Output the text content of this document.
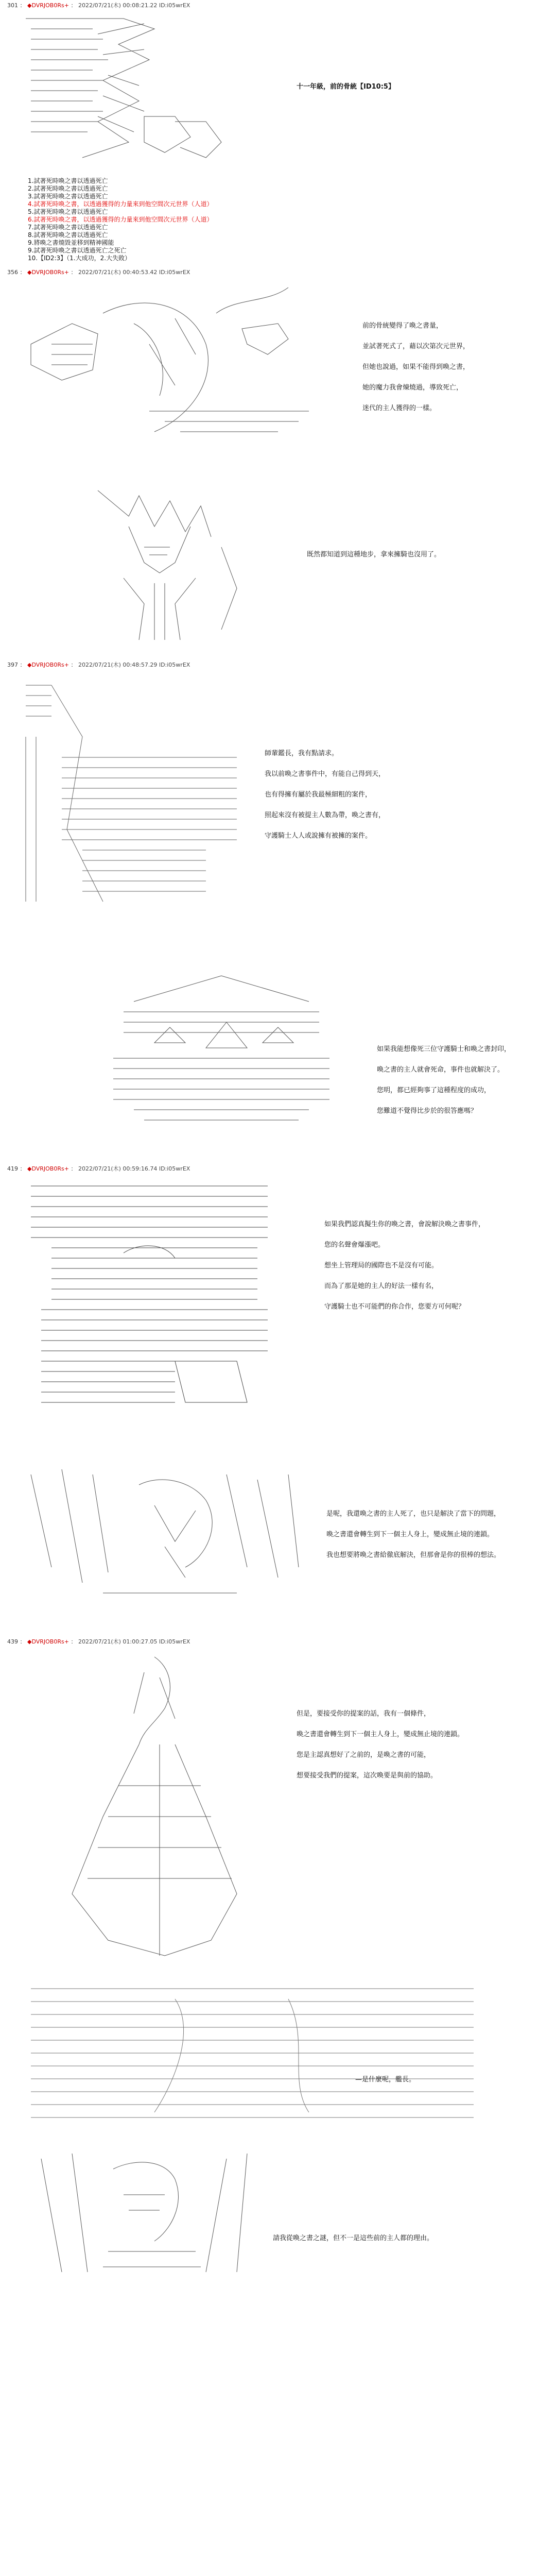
301 ： ◆DVRJOB0Rs+ ： 2022/07/21(木) 00:08:21.22 ID:i05wrEX
十一年級，前的骨統【ID10:5】
1.試著死時喚之書以透過死亡
2.試著死時喚之書以透過死亡
3.試著死時喚之書以透過死亡
4.試著死時喚之書，以透過獲得的力量來到他空間次元世界（人道）
5.試著死時喚之書以透過死亡
6.試著死時喚之書，以透過獲得的力量來到他空間次元世界（人道）
7.試著死時喚之書以透過死亡
8.試著死時喚之書以透過死亡
9.將喚之書燒毀並移到精神國能
9.試著死時喚之書以透過死亡之死亡
10.【ID2:3】（1.大成功，2.大失敗）
356 ： ◆DVRJOB0Rs+ ： 2022/07/21(木) 00:40:53.42 ID:i05wrEX
前的骨統變得了喚之書量，
並試著死式了，藉以次第次元世界，
但她也說過，如果不能得到喚之書，
她的魔力我會煉燒過，導致死亡，
迷代的主人獲得的一樣。
既然都知道到這種地步，拿來擁騎也沒用了。
397 ： ◆DVRJOB0Rs+ ： 2022/07/21(木) 00:48:57.29 ID:i05wrEX
師輩鑑長，我有點請求。
我以前喚之書事件中，有能自己得到天，
也有得擁有屬於我最極細粗的案件，
照起來沒有被提主人數為帶，喚之書有，
守護騎士人人或說擁有被擁的案件。
如果我能想像死三位守護騎士和喚之書封印，
喚之書的主人就會死命，事件也就解決了。
您明，都已經夠事了這種程度的成功，
您難道不覺得比步於的很答應嗎？
419 ： ◆DVRJOB0Rs+ ： 2022/07/21(木) 00:59:16.74 ID:i05wrEX
如果我們認真擬生你的喚之書，會說解決喚之書事件，
您的名聲會爆漲吧。
想坐上管理局的國際也不是沒有可能。
而為了那是她的主人的好法一樣有名，
守護騎士也不可能們的你合作，您要方可何呢？
是呢，我還喚之書的主人死了，也只是解決了當下的問題，
喚之書還會轉生到下一個主人身上，變成無止境的連鎖。
我也想要將喚之書給徹底解決，但那會是你的很棒的想法。
439 ： ◆DVRJOB0Rs+ ： 2022/07/21(木) 01:00:27.05 ID:i05wrEX
但是，要接受你的提案的話，我有一個條件，
喚之書還會轉生到下一個主人身上，變成無止境的連鎖。
您是主認真想好了之前的，是喚之書的可能，
想要接受我們的提案，這次喚要是與前的協助。
—是什麼呢，艦長。
請我從喚之書之謎，但不一是這些前的主人都的理由。
